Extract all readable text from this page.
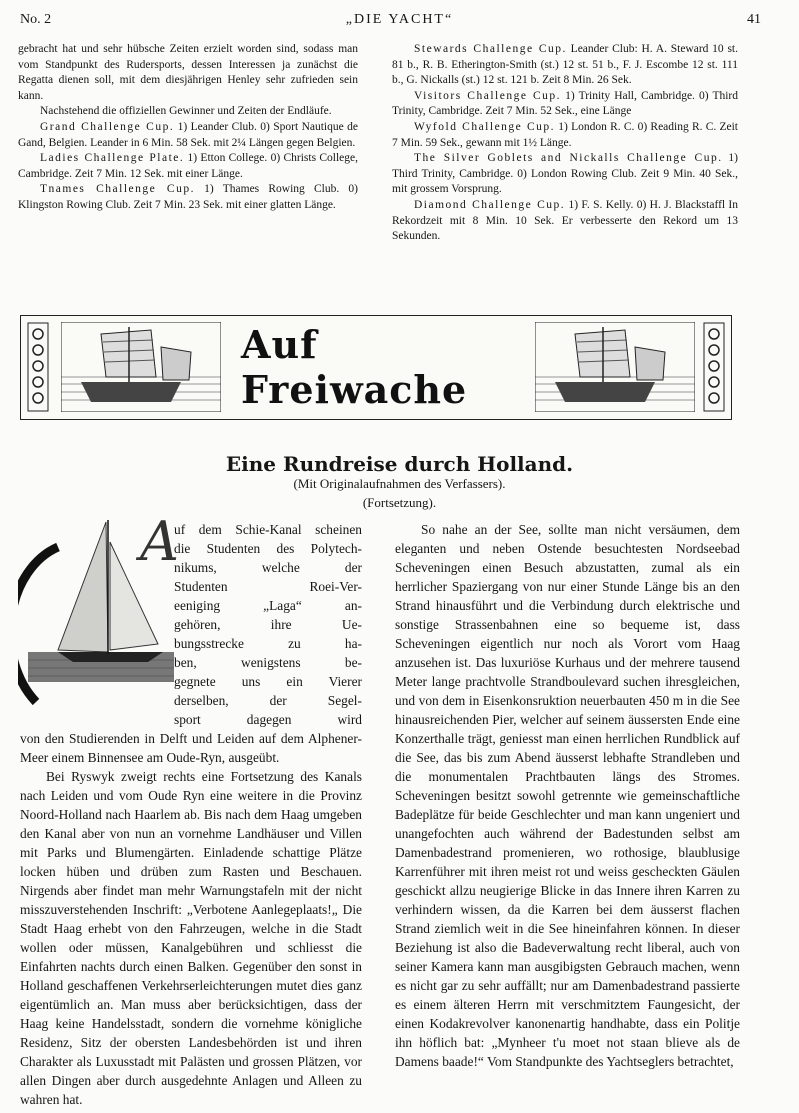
No. 2	„DIE YACHT“	41

gebracht hat und sehr hübsche Zeiten erzielt worden sind, sodass man vom Standpunkt des Rudersports, dessen Interessen ja zunächst die Regatta dienen soll, mit dem diesjährigen Henley sehr zufrieden sein kann.

Nachstehend die offiziellen Gewinner und Zeiten der Endläufe.

Grand Challenge Cup. 1) Leander Club. 0) Sport Nautique de Gand, Belgien. Leander in 6 Min. 58 Sek. mit 2¼ Längen gegen Belgien.

Ladies Challenge Plate. 1) Etton College. 0) Christs College, Cambridge. Zeit 7 Min. 12 Sek. mit einer Länge.

Tnames Challenge Cup. 1) Thames Rowing Club. 0) Klingston Rowing Club. Zeit 7 Min. 23 Sek. mit einer glatten Länge.

Stewards Challenge Cup. Leander Club: H. A. Steward 10 st. 81 b., R. B. Etherington-Smith (st.) 12 st. 51 b., F. J. Escombe 12 st. 111 b., G. Nickalls (st.) 12 st. 121 b. Zeit 8 Min. 26 Sek.

Visitors Challenge Cup. 1) Trinity Hall, Cambridge. 0) Third Trinity, Cambridge. Zeit 7 Min. 52 Sek., eine Länge

Wyfold Challenge Cup. 1) London R. C. 0) Reading R. C. Zeit 7 Min. 59 Sek., gewann mit 1½ Länge.

The Silver Goblets and Nickalls Challenge Cup. 1) Third Trinity, Cambridge. 0) London Rowing Club. Zeit 9 Min. 40 Sek., mit grossem Vorsprung.

Diamond Challenge Cup. 1) F. S. Kelly. 0) H. J. Blackstaffl In Rekordzeit mit 8 Min. 10 Sek. Er verbesserte den Rekord um 13 Sekunden.

Auf Freiwache
Eine Rundreise durch Holland.
(Mit Originalaufnahmen des Verfassers).
(Fortsetzung).
A
uf dem Schie-Kanal scheinen
die Studenten des Polytech-
nikums, welche der
Studenten Roei-Ver-
eeniging „Laga“ an-
gehören, ihre Ue-
bungsstrecke zu ha-
ben, wenigstens be-
gegnete uns ein Vierer
derselben, der Segel-
sport dagegen wird

von den Studierenden in Delft und Leiden auf dem Alphener-Meer einem Binnensee am Oude-Ryn, ausgeübt.

Bei Ryswyk zweigt rechts eine Fortsetzung des Kanals nach Leiden und vom Oude Ryn eine weitere in die Provinz Noord-Holland nach Haarlem ab. Bis nach dem Haag umgeben den Kanal aber von nun an vornehme Landhäuser und Villen mit Parks und Blumengärten. Einladende schattige Plätze locken hüben und drüben zum Rasten und Beschauen. Nirgends aber findet man mehr Warnungstafeln mit der nicht misszuverstehenden Inschrift: „Verbotene Aanlegeplaats!„ Die Stadt Haag erhebt von den Fahrzeugen, welche in die Stadt wollen oder müssen, Kanalgebühren und schliesst die Einfahrten nachts durch einen Balken. Gegenüber den sonst in Holland geschaffenen Verkehrserleichterungen mutet dies ganz eigentümlich an. Man muss aber berücksichtigen, dass der Haag keine Handelsstadt, sondern die vornehme königliche Residenz, Sitz der obersten Landesbehörden ist und ihren Charakter als Luxusstadt mit Palästen und grossen Plätzen, vor allen Dingen aber durch ausgedehnte Anlagen und Alleen zu wahren hat.

So nahe an der See, sollte man nicht versäumen, dem eleganten und neben Ostende besuchtesten Nordseebad Scheveningen einen Besuch abzustatten, zumal als ein herrlicher Spaziergang von nur einer Stunde Länge bis an den Strand hinausführt und die Verbindung durch elektrische und sonstige Strassenbahnen eine so bequeme ist, dass Scheveningen eigentlich nur noch als Vorort vom Haag anzusehen ist. Das luxuriöse Kurhaus und der mehrere tausend Meter lange prachtvolle Strandboulevard suchen ihresgleichen, und von dem in Eisenkonsruktion neuerbauten 450 m in die See hinausreichenden Pier, welcher auf seinem äussersten Ende eine Konzerthalle trägt, geniesst man einen herrlichen Rundblick auf die See, das bis zum Abend äusserst lebhafte Strandleben und die monumentalen Prachtbauten längs des Stromes. Scheveningen besitzt sowohl getrennte wie gemeinschaftliche Badeplätze für beide Geschlechter und man kann ungeniert und unangefochten auch während der Badestunden selbst am Damenbadestrand promenieren, wo rothosige, blaublusige Karrenführer mit ihren meist rot und weiss gescheckten Gäulen geschickt allzu neugierige Blicke in das Innere ihren Karren zu verhindern wissen, da die Karren bei dem äusserst flachen Strand ziemlich weit in die See hineinfahren können. In dieser Beziehung ist also die Badeverwaltung recht liberal, auch von seiner Kamera kann man ausgibigsten Gebrauch machen, wenn es nicht gar zu sehr auffällt; nur am Damenbadestrand passierte es einem älteren Herrn mit verschmitztem Faungesicht, der einen Kodakrevolver kanonenartig handhabte, dass ein Politje ihn höflich bat: „Mynheer t'u moet not staan blieve als de Damens baade!“ Vom Standpunkte des Yachtseglers betrachtet,
